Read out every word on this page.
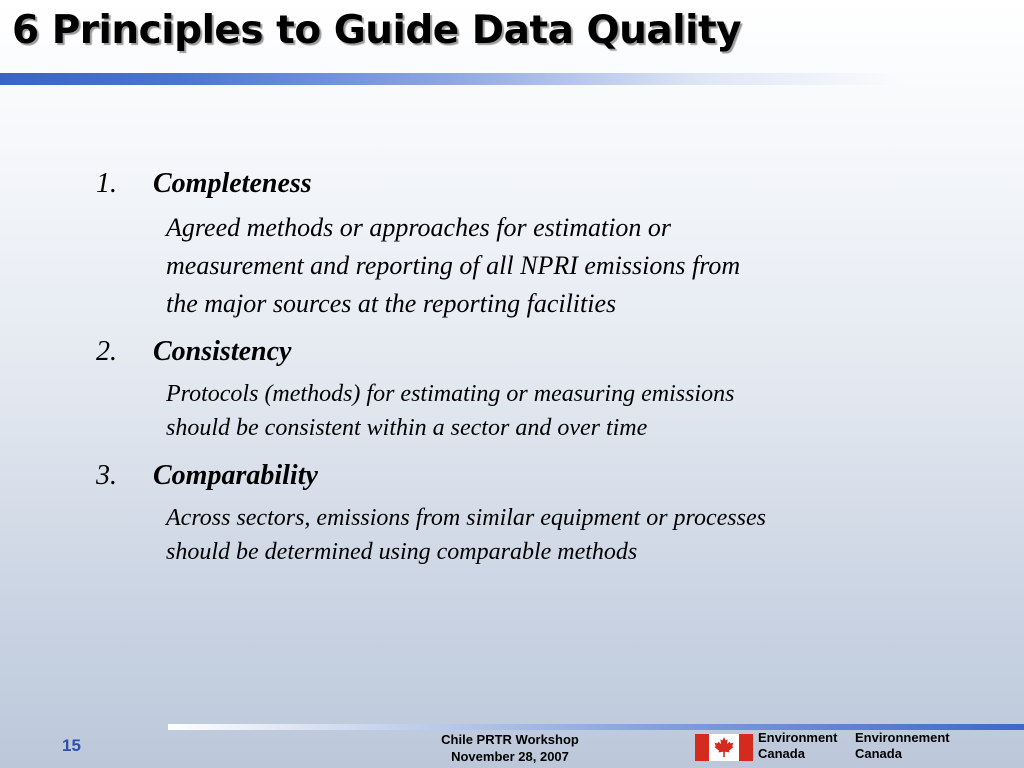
6 Principles to Guide Data Quality
1. Completeness
Agreed methods or approaches for estimation or
measurement and reporting of all NPRI emissions from
the major sources at the reporting facilities
2. Consistency
Protocols (methods) for estimating or measuring emissions
should be consistent within a sector and over time
3. Comparability
Across sectors, emissions from similar equipment or processes
should be determined using comparable methods
15	Chile PRTR Workshop
November 28, 2007
Environment
Canada
Environnement
Canada
